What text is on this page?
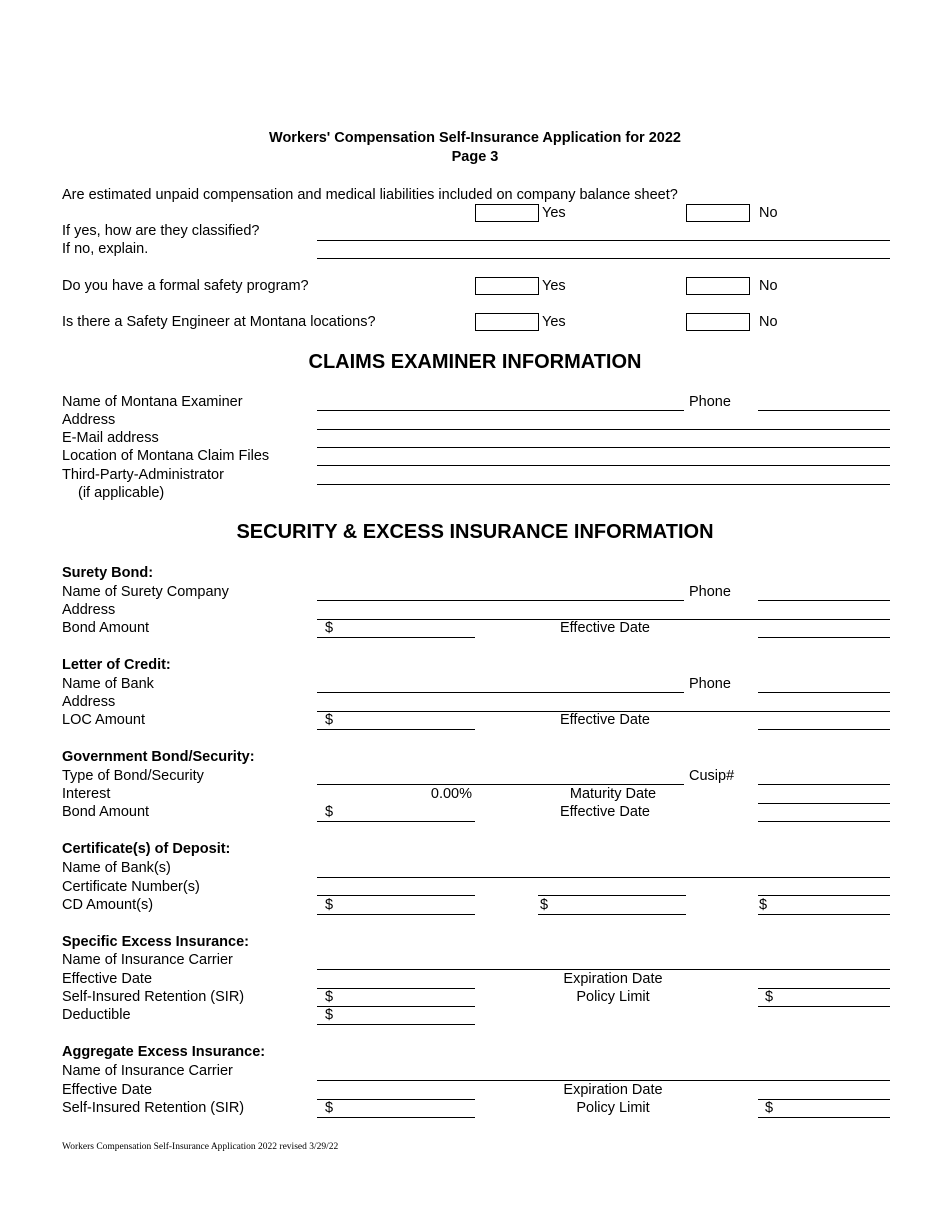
Workers' Compensation Self-Insurance Application for 2022
Page 3
Are estimated unpaid compensation and medical liabilities included on company balance sheet?
Yes	No
If yes, how are they classified?
If no, explain.
Do you have a formal safety program?	Yes	No
Is there a Safety Engineer at Montana locations?	Yes	No
CLAIMS EXAMINER INFORMATION
Name of Montana Examiner	Phone
Address
E-Mail address
Location of Montana Claim Files
Third-Party-Administrator
(if applicable)
SECURITY & EXCESS INSURANCE INFORMATION
Surety Bond:
Name of Surety Company	Phone
Address
Bond Amount	$	Effective Date
Letter of Credit:
Name of Bank	Phone
Address
LOC Amount	$	Effective Date
Government Bond/Security:
Type of Bond/Security	Cusip#
Interest	0.00%	Maturity Date
Bond Amount	$	Effective Date
Certificate(s) of Deposit:
Name of Bank(s)
Certificate Number(s)
CD Amount(s)	$	$	$
Specific Excess Insurance:
Name of Insurance Carrier
Effective Date	Expiration Date
Self-Insured Retention (SIR)	$	Policy Limit	$
Deductible	$
Aggregate Excess Insurance:
Name of Insurance Carrier
Effective Date	Expiration Date
Self-Insured Retention (SIR)	$	Policy Limit	$
Workers Compensation Self-Insurance Application 2022 revised 3/29/22
